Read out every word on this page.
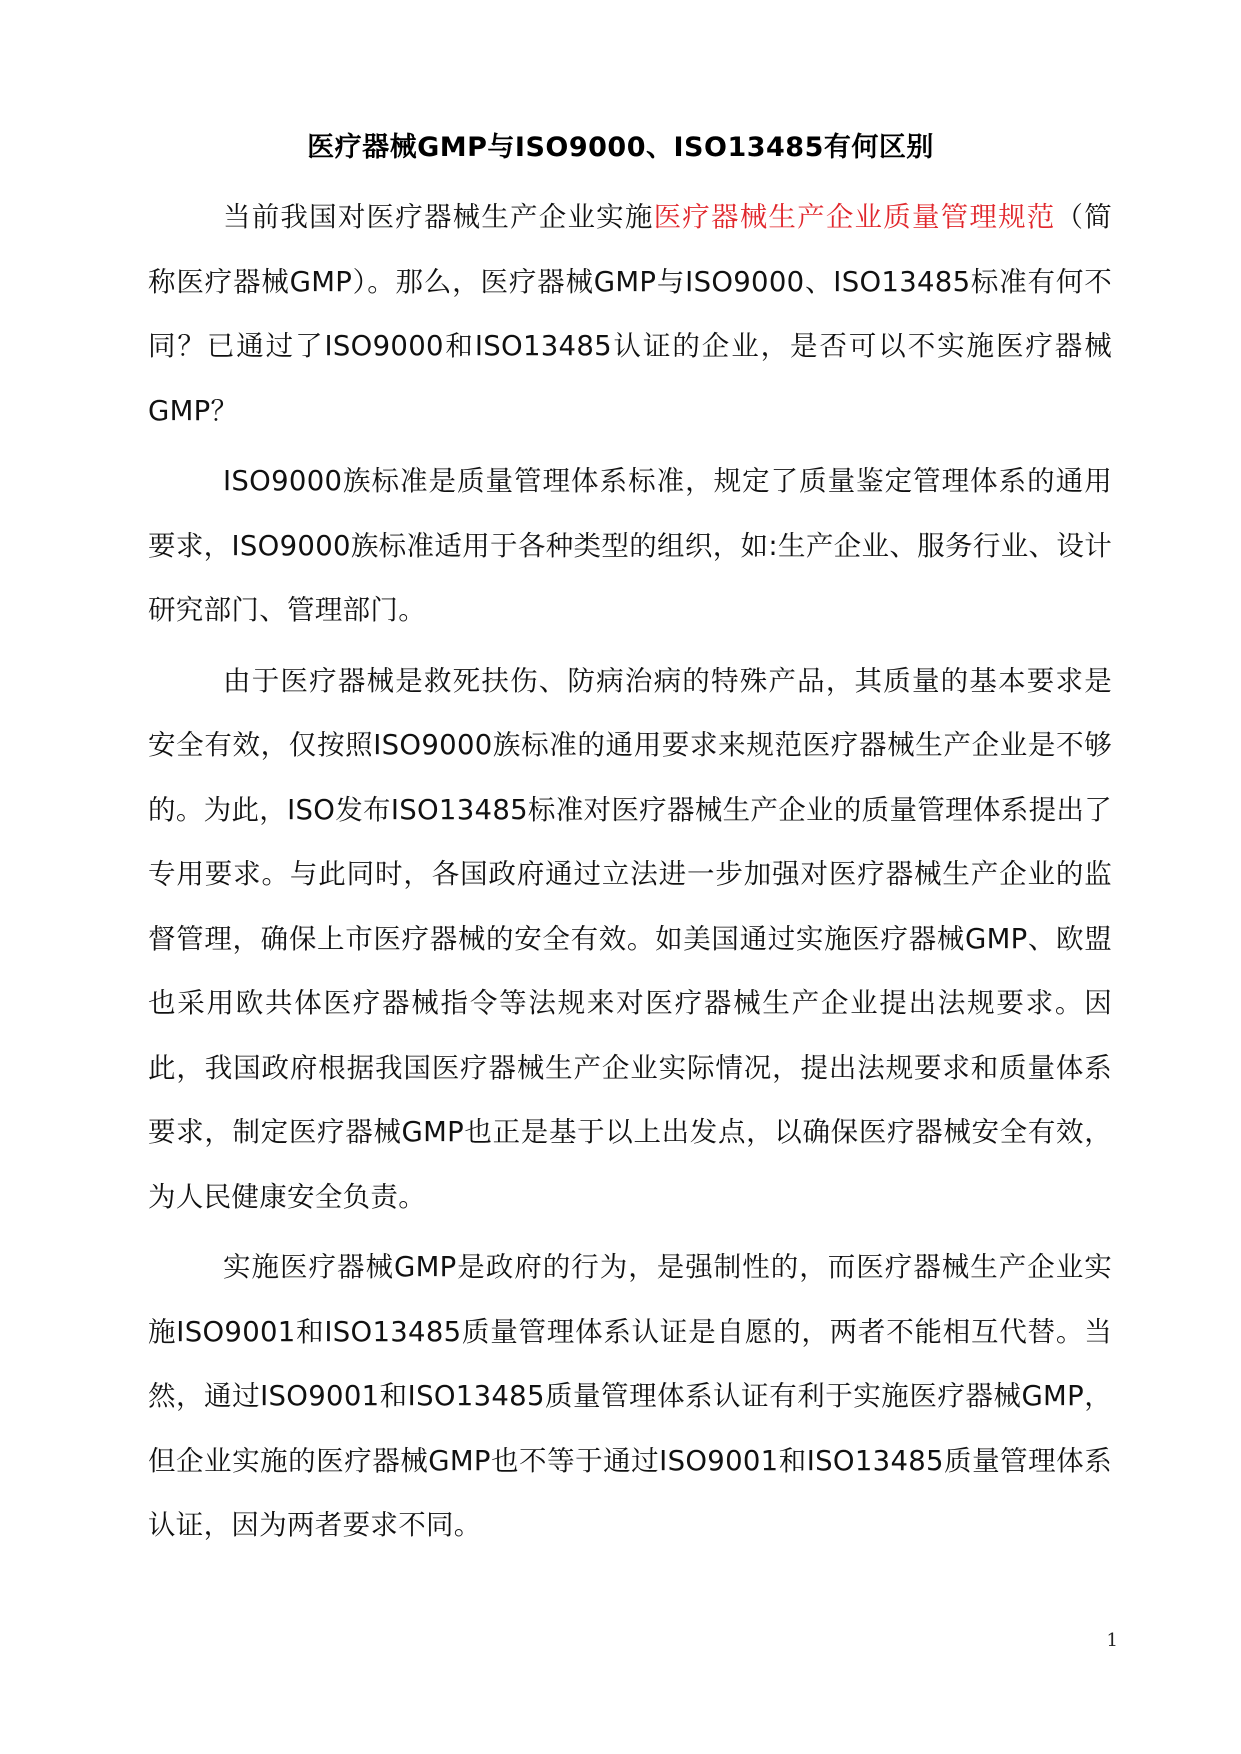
医疗器械GMP与ISO9000、ISO13485有何区别

当前我国对医疗器械生产企业实施医疗器械生产企业质量管理规范（简称医疗器械GMP）。那么，医疗器械GMP与ISO9000、ISO13485标准有何不同？已通过了ISO9000和ISO13485认证的企业，是否可以不实施医疗器械GMP？

ISO9000族标准是质量管理体系标准，规定了质量鉴定管理体系的通用要求，ISO9000族标准适用于各种类型的组织，如:生产企业、服务行业、设计研究部门、管理部门。

由于医疗器械是救死扶伤、防病治病的特殊产品，其质量的基本要求是安全有效，仅按照ISO9000族标准的通用要求来规范医疗器械生产企业是不够的。为此，ISO发布ISO13485标准对医疗器械生产企业的质量管理体系提出了专用要求。与此同时，各国政府通过立法进一步加强对医疗器械生产企业的监督管理，确保上市医疗器械的安全有效。如美国通过实施医疗器械GMP、欧盟也采用欧共体医疗器械指令等法规来对医疗器械生产企业提出法规要求。因此，我国政府根据我国医疗器械生产企业实际情况，提出法规要求和质量体系要求，制定医疗器械GMP也正是基于以上出发点，以确保医疗器械安全有效，为人民健康安全负责。

实施医疗器械GMP是政府的行为，是强制性的，而医疗器械生产企业实施ISO9001和ISO13485质量管理体系认证是自愿的，两者不能相互代替。当然，通过ISO9001和ISO13485质量管理体系认证有利于实施医疗器械GMP，但企业实施的医疗器械GMP也不等于通过ISO9001和ISO13485质量管理体系认证，因为两者要求不同。

1
